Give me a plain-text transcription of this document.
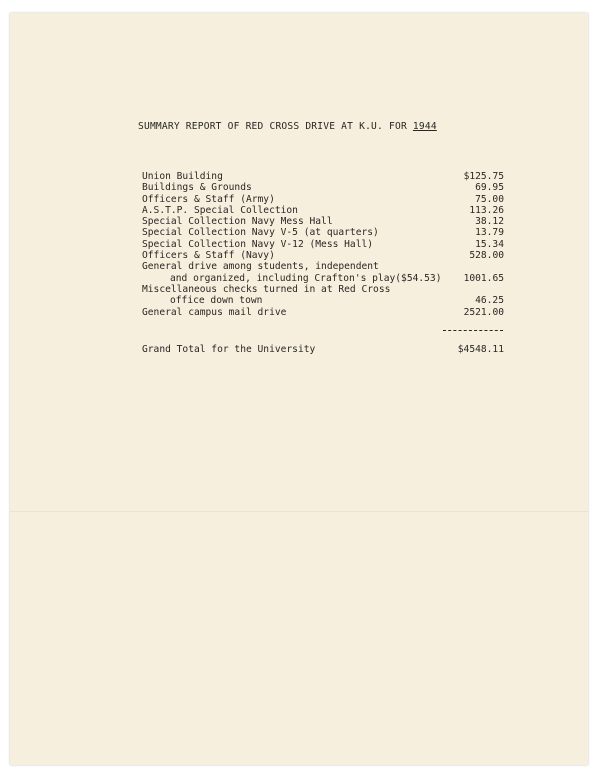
SUMMARY REPORT OF RED CROSS DRIVE AT K.U. FOR 1944
Union Building	$125.75
Buildings & Grounds	69.95
Officers & Staff (Army)	75.00
A.S.T.P. Special Collection	113.26
Special Collection Navy Mess Hall	38.12
Special Collection Navy V-5 (at quarters)	13.79
Special Collection Navy V-12 (Mess Hall)	15.34
Officers & Staff (Navy)	528.00
General drive among students, independent
and organized, including Crafton's play($54.53) 1001.65
Miscellaneous checks turned in at Red Cross
office down town	46.25
General campus mail drive	2521.00
Grand Total for the University	$4548.11
